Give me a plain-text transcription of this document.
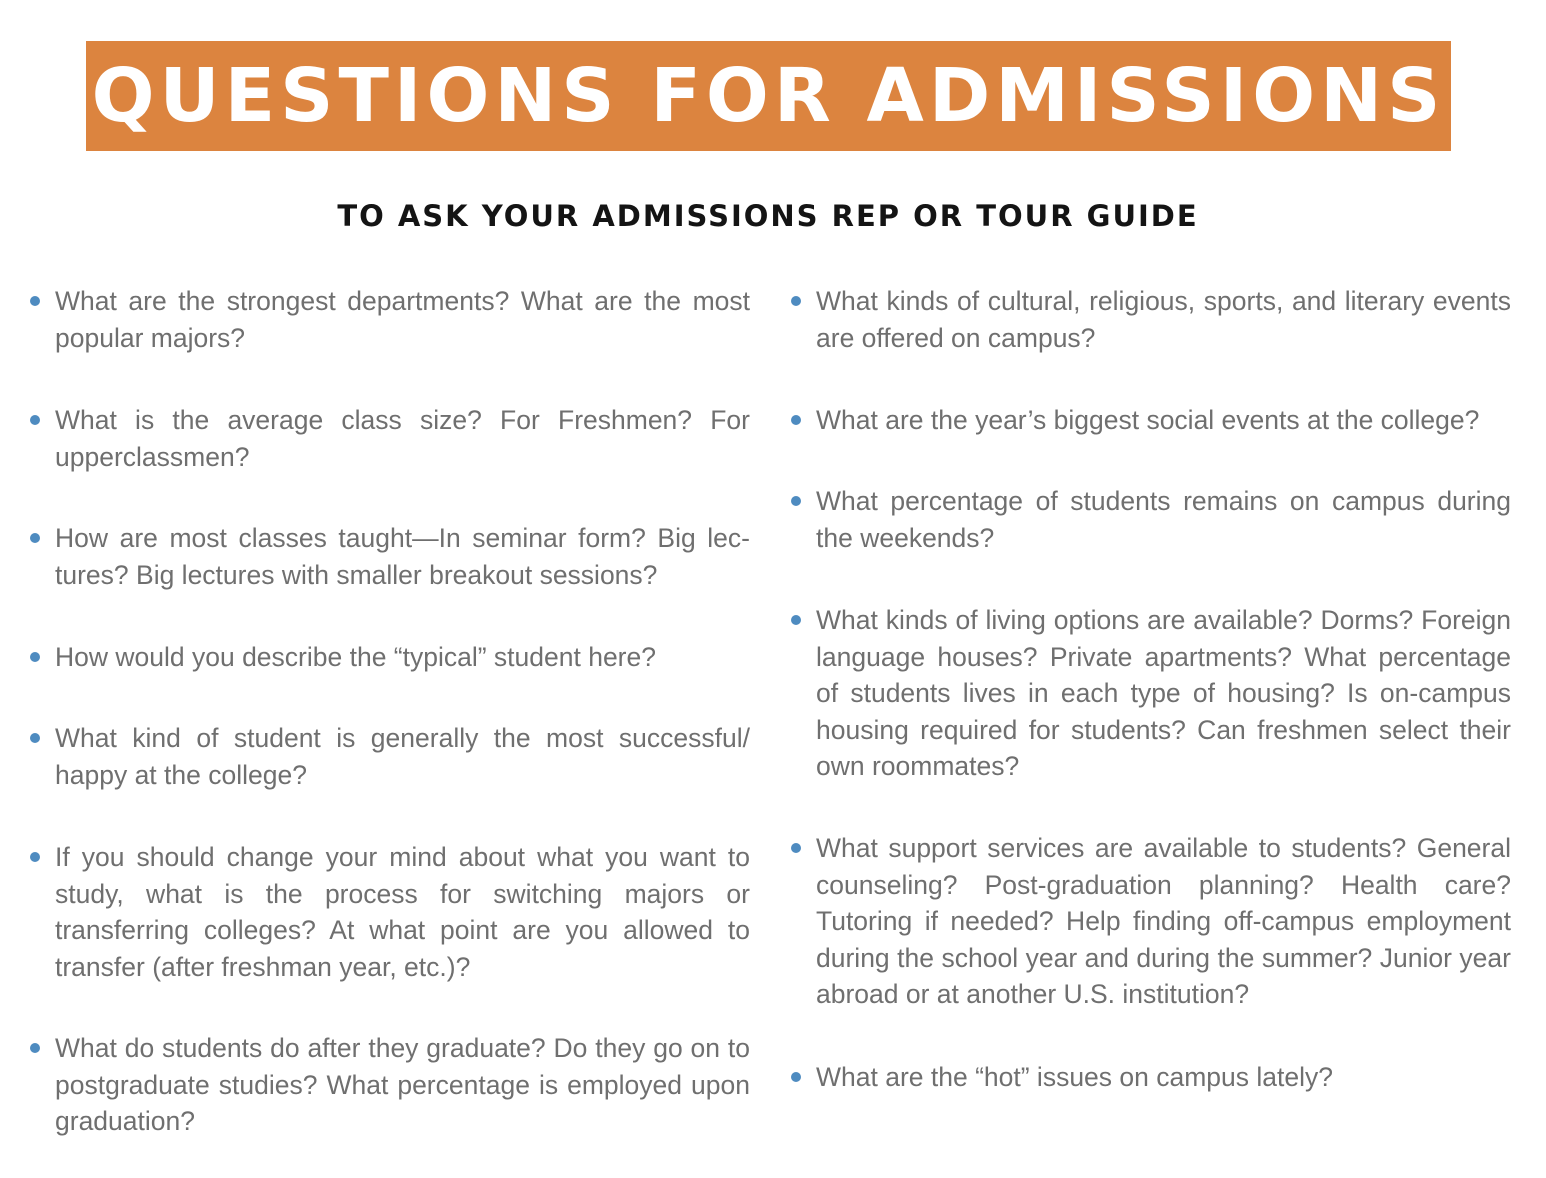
QUESTIONS FOR ADMISSIONS
TO ASK YOUR ADMISSIONS REP OR TOUR GUIDE
What are the strongest departments? What are the most popular majors?
What is the average class size? For Freshmen? For upperclassmen?
How are most classes taught—In seminar form? Big lectures? Big lectures with smaller breakout sessions?
How would you describe the “typical” student here?
What kind of student is generally the most successful/ happy at the college?
If you should change your mind about what you want to study, what is the process for switching majors or transferring colleges? At what point are you allowed to transfer (after freshman year, etc.)?
What do students do after they graduate? Do they go on to postgraduate studies? What percentage is employed upon graduation?
What kinds of cultural, religious, sports, and literary events are offered on campus?
What are the year’s biggest social events at the college?
What percentage of students remains on campus during the weekends?
What kinds of living options are available? Dorms? Foreign language houses? Private apartments? What percentage of students lives in each type of housing? Is on-campus housing required for students? Can freshmen select their own roommates?
What support services are available to students? General counseling? Post-graduation planning? Health care? Tutoring if needed? Help finding off-campus employment during the school year and during the summer? Junior year abroad or at another U.S. institution?
What are the “hot” issues on campus lately?
